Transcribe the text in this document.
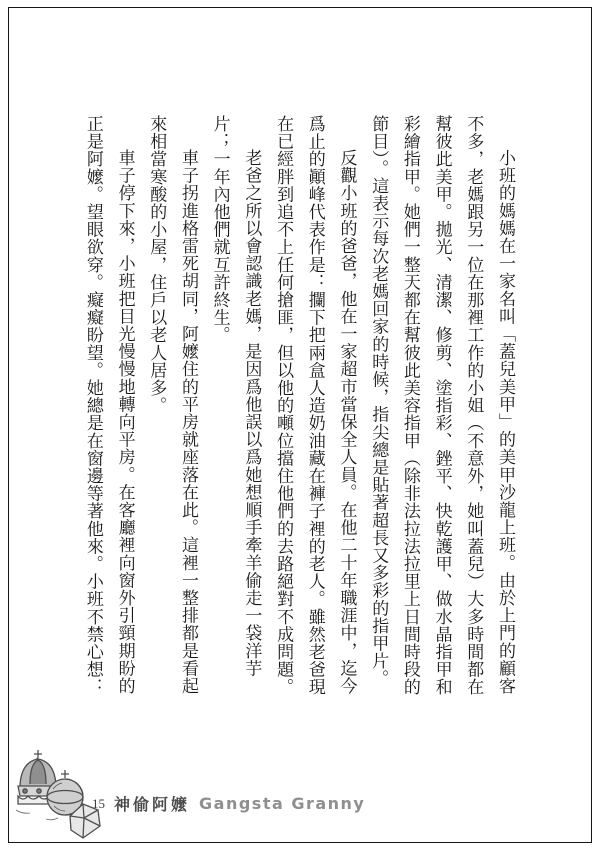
小班的媽媽在一家名叫「蓋兒美甲」的美甲沙龍上班。由於上門的顧客不多，老媽跟另一位在那裡工作的小姐（不意外，她叫蓋兒）大多時間都在幫彼此美甲。拋光、清潔、修剪、塗指彩、銼平、快乾護甲、做水晶指甲和彩繪指甲。她們一整天都在幫彼此美容指甲（除非法拉法拉里上日間時段的節目）。這表示每次老媽回家的時候，指尖總是貼著超長又多彩的指甲片。

反觀小班的爸爸，他在一家超市當保全人員。在他二十年職涯中，迄今爲止的顚峰代表作是：攔下把兩盒人造奶油藏在褲子裡的老人。雖然老爸現在已經胖到追不上任何搶匪，但以他的噸位擋住他們的去路絕對不成問題。

老爸之所以會認識老媽，是因爲他誤以爲她想順手牽羊偷走一袋洋芋片；一年內他們就互許終生。

車子拐進格雷死胡同，阿嬤住的平房就座落在此。這裡一整排都是看起來相當寒酸的小屋，住戶以老人居多。

車子停下來，小班把目光慢慢地轉向平房。在客廳裡向窗外引頸期盼的正是阿嬤。望眼欲穿。癡癡盼望。她總是在窗邊等著他來。小班不禁心想：

15 神偷阿嬤 Gangsta Granny
